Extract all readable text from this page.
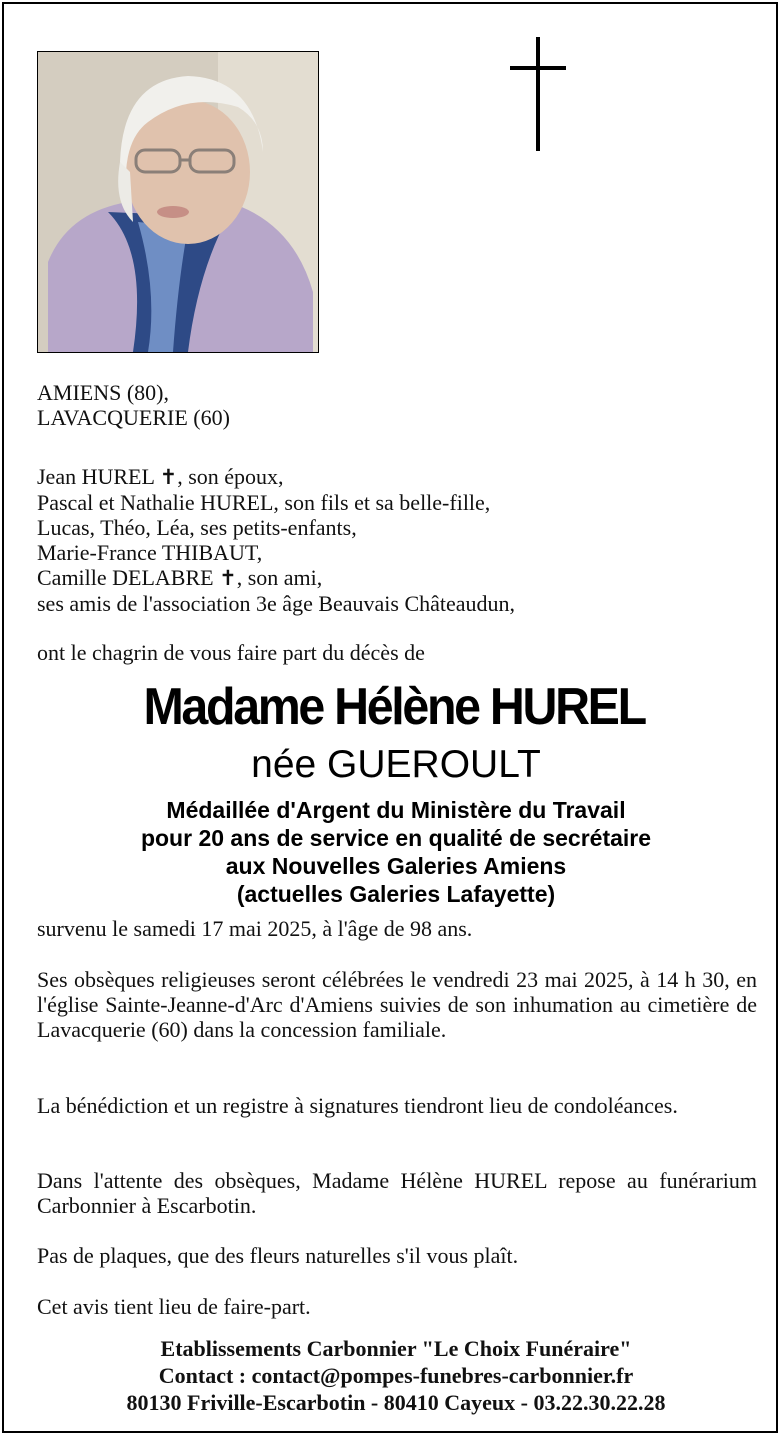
AMIENS (80),
LAVACQUERIE (60)
Jean HUREL ✝, son époux,
Pascal et Nathalie HUREL, son fils et sa belle-fille,
Lucas, Théo, Léa, ses petits-enfants,
Marie-France THIBAUT,
Camille DELABRE ✝, son ami,
ses amis de l'association 3e âge Beauvais Châteaudun,
ont le chagrin de vous faire part du décès de
Madame Hélène HUREL
née GUEROULT
Médaillée d'Argent du Ministère du Travail
pour 20 ans de service en qualité de secrétaire
aux Nouvelles Galeries Amiens
(actuelles Galeries Lafayette)
survenu le samedi 17 mai 2025, à l'âge de 98 ans.

Ses obsèques religieuses seront célébrées le vendredi 23 mai 2025, à 14 h 30, en l'église Sainte-Jeanne-d'Arc d'Amiens suivies de son inhumation au cimetière de Lavacquerie (60) dans la concession familiale.

La bénédiction et un registre à signatures tiendront lieu de condoléances.

Dans l'attente des obsèques, Madame Hélène HUREL repose au funérarium Carbonnier à Escarbotin.

Pas de plaques, que des fleurs naturelles s'il vous plaît.
Cet avis tient lieu de faire-part.
Etablissements Carbonnier "Le Choix Funéraire"
Contact : contact@pompes-funebres-carbonnier.fr
80130 Friville-Escarbotin - 80410 Cayeux - 03.22.30.22.28
